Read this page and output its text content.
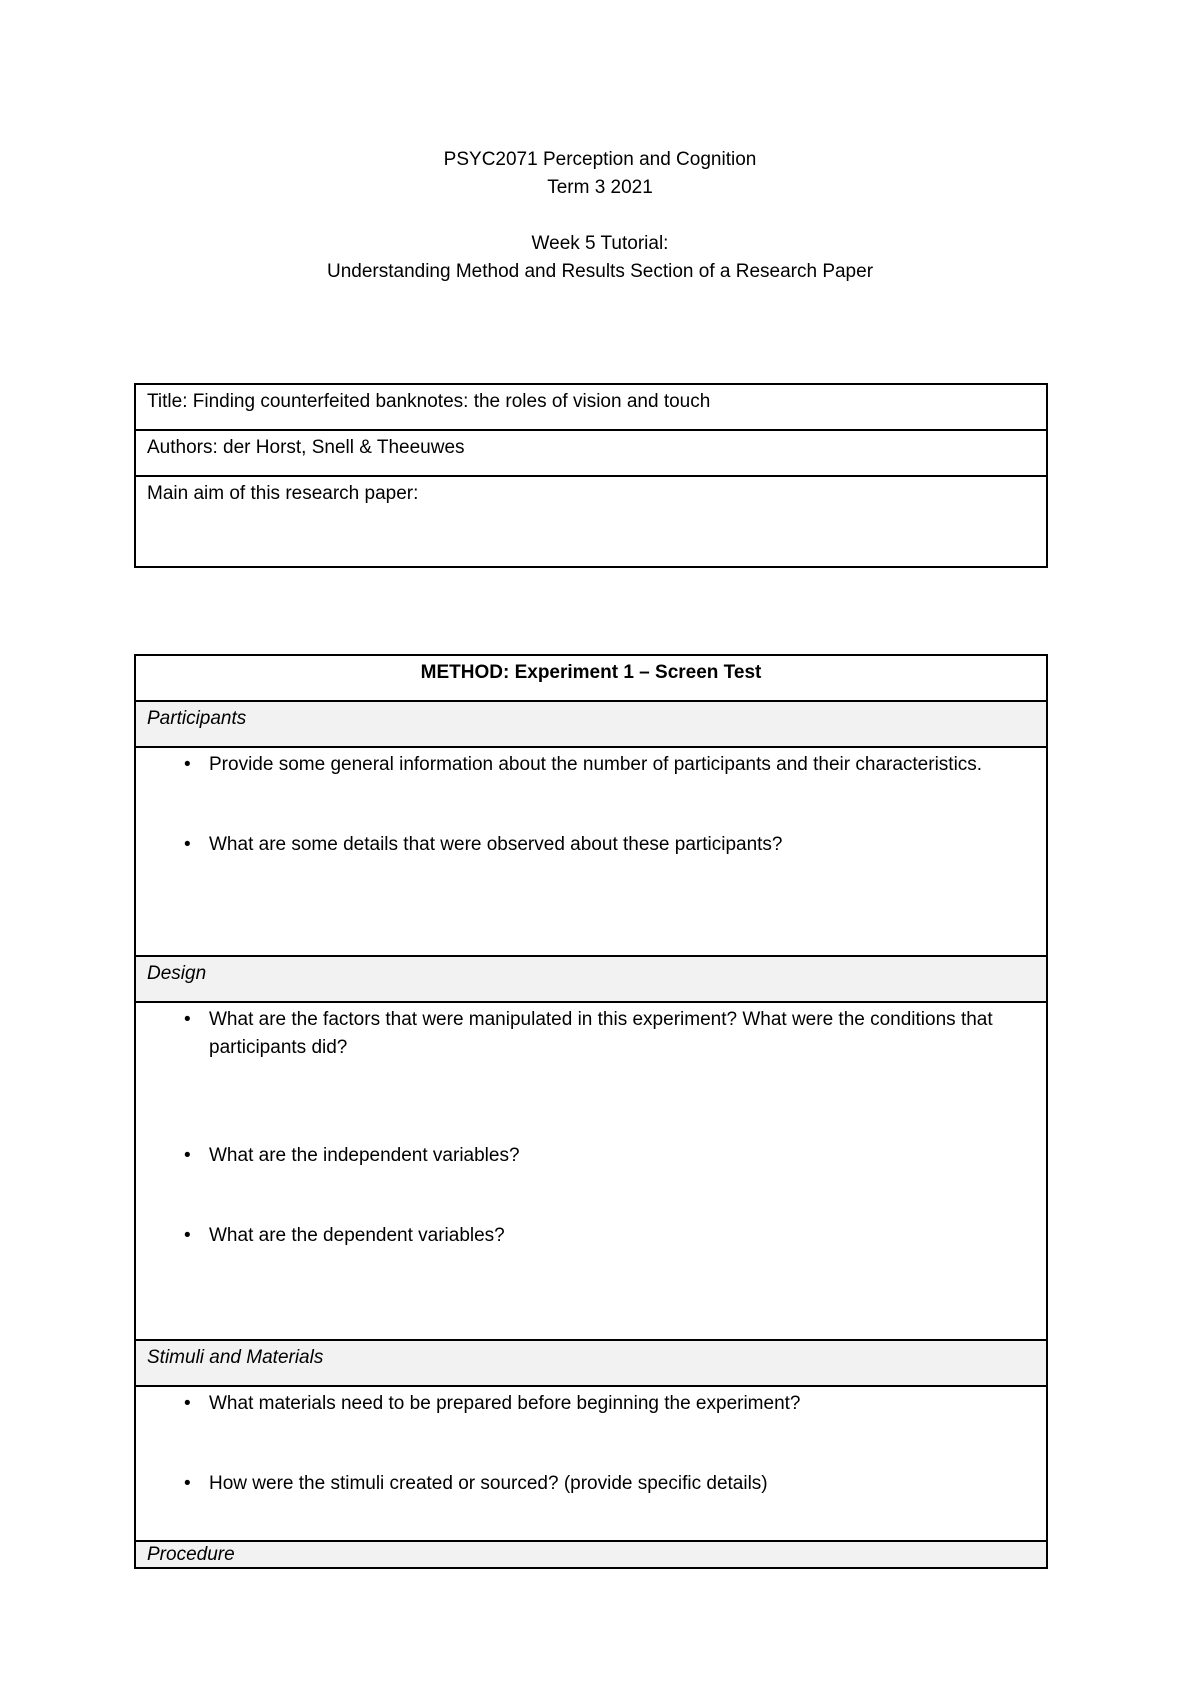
PSYC2071 Perception and Cognition
Term 3 2021
Week 5 Tutorial:
Understanding Method and Results Section of a Research Paper
Title: Finding counterfeited banknotes: the roles of vision and touch
Authors: der Horst, Snell & Theeuwes
Main aim of this research paper:
METHOD: Experiment 1 – Screen Test
Participants

• Provide some general information about the number of participants and their characteristics.
• What are some details that were observed about these participants?

Design

• What are the factors that were manipulated in this experiment? What were the conditions that participants did?
• What are the independent variables?
• What are the dependent variables?

Stimuli and Materials

• What materials need to be prepared before beginning the experiment?
• How were the stimuli created or sourced? (provide specific details)

Procedure
